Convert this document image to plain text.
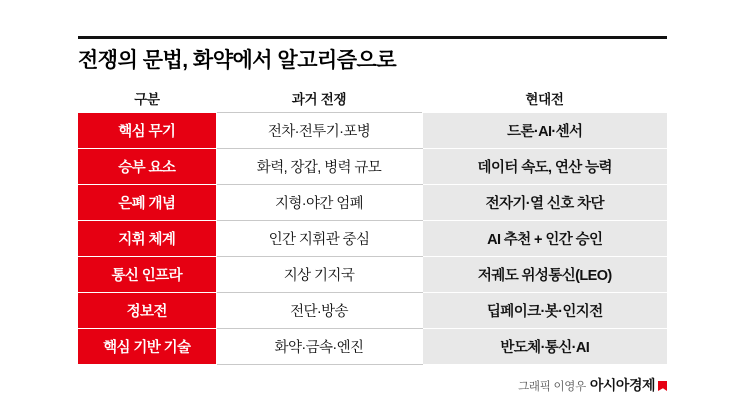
전쟁의 문법, 화약에서 알고리즘으로
구분	과거 전쟁	현대전
핵심 무기	전차·전투기·포병	드론·AI·센서
승부 요소	화력, 장갑, 병력 규모	데이터 속도, 연산 능력
은폐 개념	지형·야간 엄폐	전자기·열 신호 차단
지휘 체계	인간 지휘관 중심	AI 추천 + 인간 승인
통신 인프라	지상 기지국	저궤도 위성통신(LEO)
정보전	전단·방송	딥페이크·봇·인지전
핵심 기반 기술	화약·금속·엔진	반도체·통신·AI
그래픽 이영우 아시아경제
